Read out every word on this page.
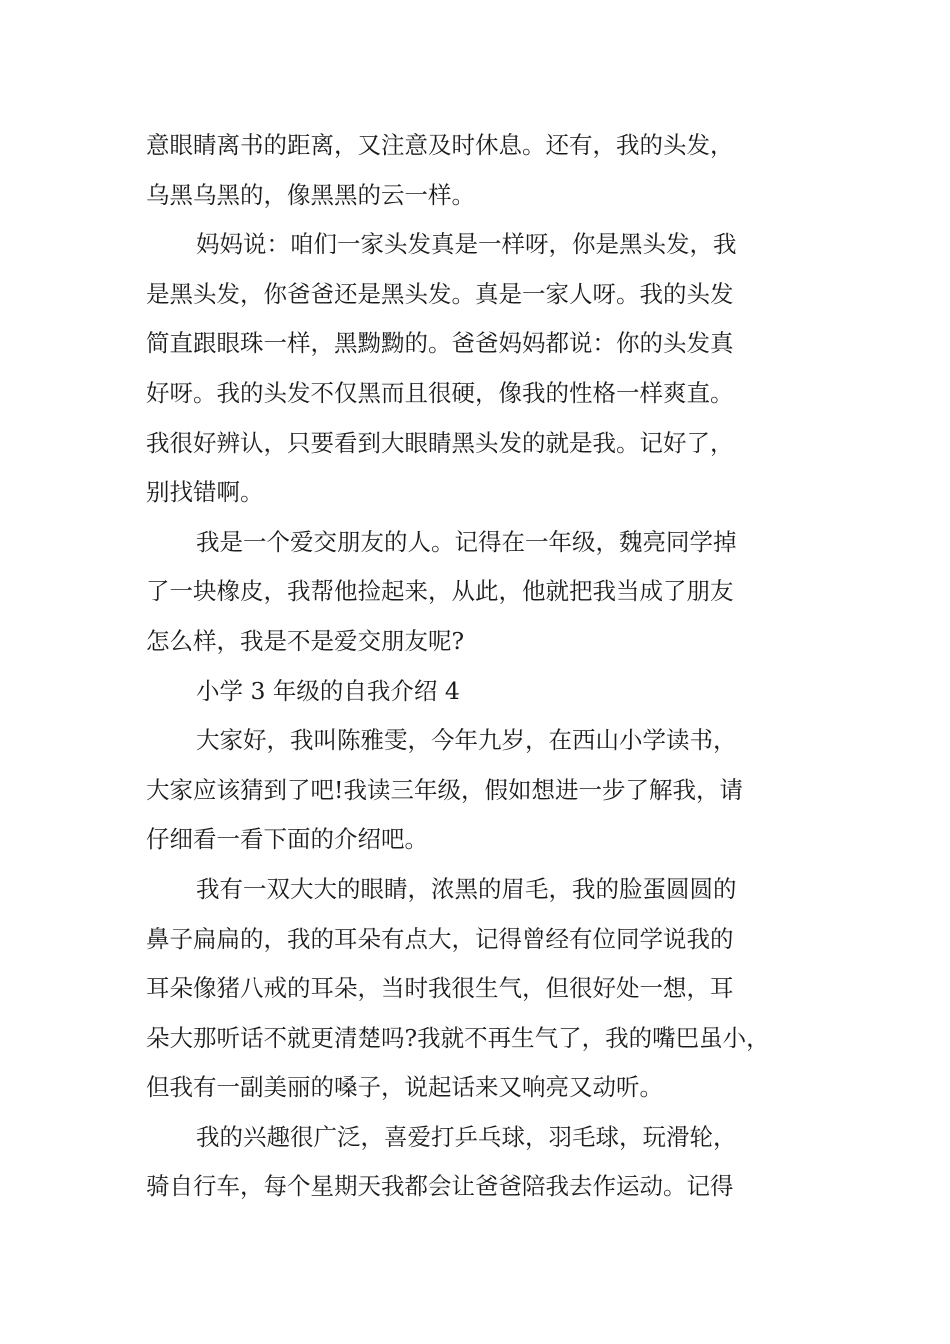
意眼睛离书的距离，又注意及时休息。还有，我的头发，
乌黑乌黑的，像黑黑的云一样。
妈妈说：咱们一家头发真是一样呀，你是黑头发，我
是黑头发，你爸爸还是黑头发。真是一家人呀。我的头发
简直跟眼珠一样，黑黝黝的。爸爸妈妈都说：你的头发真
好呀。我的头发不仅黑而且很硬，像我的性格一样爽直。
我很好辨认，只要看到大眼睛黑头发的就是我。记好了，
别找错啊。
我是一个爱交朋友的人。记得在一年级，魏亮同学掉
了一块橡皮，我帮他捡起来，从此，他就把我当成了朋友
怎么样，我是不是爱交朋友呢?
小学 3 年级的自我介绍 4
大家好，我叫陈雅雯，今年九岁，在西山小学读书，
大家应该猜到了吧!我读三年级，假如想进一步了解我，请
仔细看一看下面的介绍吧。
我有一双大大的眼睛，浓黑的眉毛，我的脸蛋圆圆的
鼻子扁扁的，我的耳朵有点大，记得曾经有位同学说我的
耳朵像猪八戒的耳朵，当时我很生气，但很好处一想，耳
朵大那听话不就更清楚吗?我就不再生气了，我的嘴巴虽小，
但我有一副美丽的嗓子，说起话来又响亮又动听。
我的兴趣很广泛，喜爱打乒乓球，羽毛球，玩滑轮，
骑自行车，每个星期天我都会让爸爸陪我去作运动。记得
